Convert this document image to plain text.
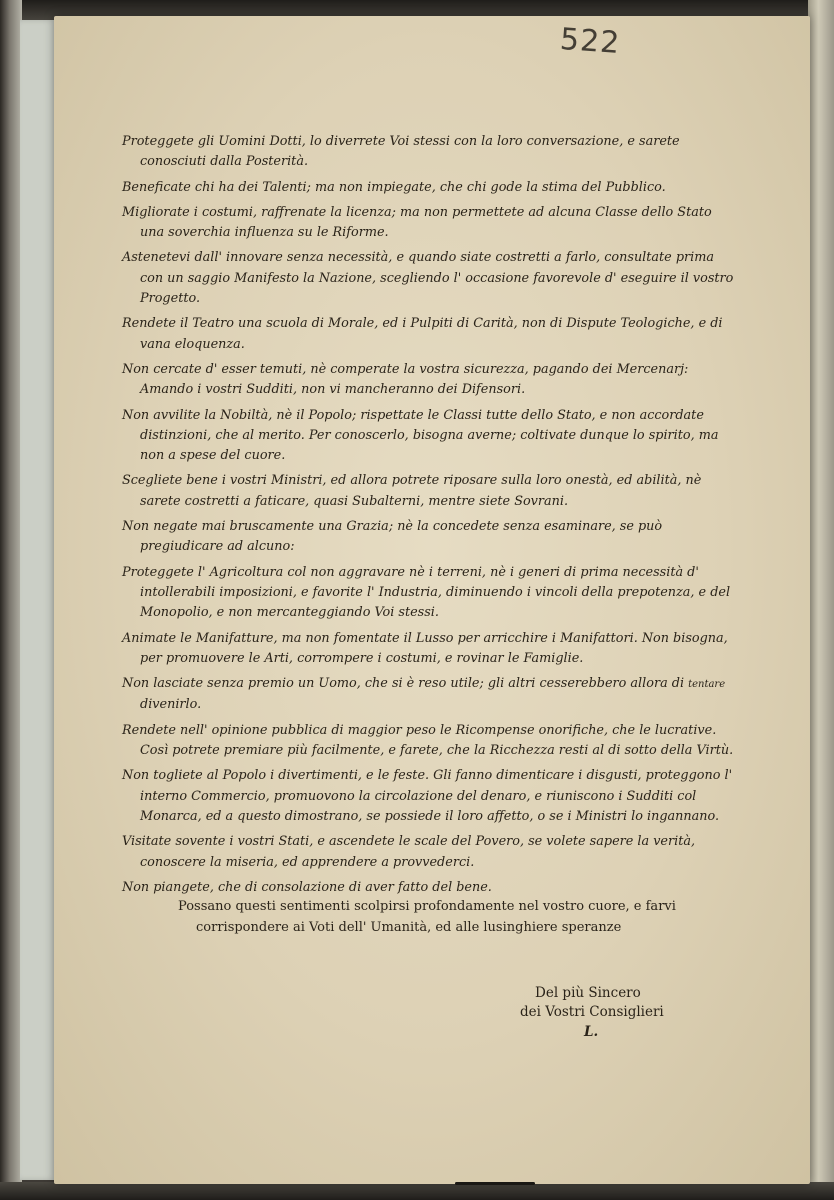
522

Proteggete gli Uomini Dotti, lo diverrete Voi stessi con la loro conversazione, e sarete conosciuti dalla Posterità.

Beneficate chi ha dei Talenti; ma non impiegate, che chi gode la stima del Pubblico.

Migliorate i costumi, raffrenate la licenza; ma non permettete ad alcuna Classe dello Stato una soverchia influenza su le Riforme.

Astenetevi dall' innovare senza necessità, e quando siate costretti a farlo, consultate prima con un saggio Manifesto la Nazione, scegliendo l' occasione favorevole d' eseguire il vostro Progetto.

Rendete il Teatro una scuola di Morale, ed i Pulpiti di Carità, non di Dispute Teologiche, e di vana eloquenza.

Non cercate d' esser temuti, nè comperate la vostra sicurezza, pagando dei Mercenarj: Amando i vostri Sudditi, non vi mancheranno dei Difensori.

Non avvilite la Nobiltà, nè il Popolo; rispettate le Classi tutte dello Stato, e non accordate distinzioni, che al merito. Per conoscerlo, bisogna averne; coltivate dunque lo spirito, ma non a spese del cuore.

Scegliete bene i vostri Ministri, ed allora potrete riposare sulla loro onestà, ed abilità, nè sarete costretti a faticare, quasi Subalterni, mentre siete Sovrani.

Non negate mai bruscamente una Grazia; nè la concedete senza esaminare, se può pregiudicare ad alcuno:

Proteggete l' Agricoltura col non aggravare nè i terreni, nè i generi di prima necessità d' intollerabili imposizioni, e favorite l' Industria, diminuendo i vincoli della prepotenza, e del Monopolio, e non mercanteggiando Voi stessi.

Animate le Manifatture, ma non fomentate il Lusso per arricchire i Manifattori. Non bisogna, per promuovere le Arti, corrompere i costumi, e rovinar le Famiglie.

Non lasciate senza premio un Uomo, che si è reso utile; gli altri cesserebbero allora di tentare divenirlo.

Rendete nell' opinione pubblica di maggior peso le Ricompense onorifiche, che le lucrative. Così potrete premiare più facilmente, e farete, che la Ricchezza resti al di sotto della Virtù.

Non togliete al Popolo i divertimenti, e le feste. Gli fanno dimenticare i disgusti, proteggono l' interno Commercio, promuovono la circolazione del denaro, e riuniscono i Sudditi col Monarca, ed a questo dimostrano, se possiede il loro affetto, o se i Ministri lo ingannano.

Visitate sovente i vostri Stati, e ascendete le scale del Povero, se volete sapere la verità, conoscere la miseria, ed apprendere a provvederci.

Non piangete, che di consolazione di aver fatto del bene.

Possano questi sentimenti scolpirsi profondamente nel vostro cuore, e farvi corrispondere ai Voti dell' Umanità, ed alle lusinghiere speranze

Del più Sincero
dei Vostri Consiglieri
L.
